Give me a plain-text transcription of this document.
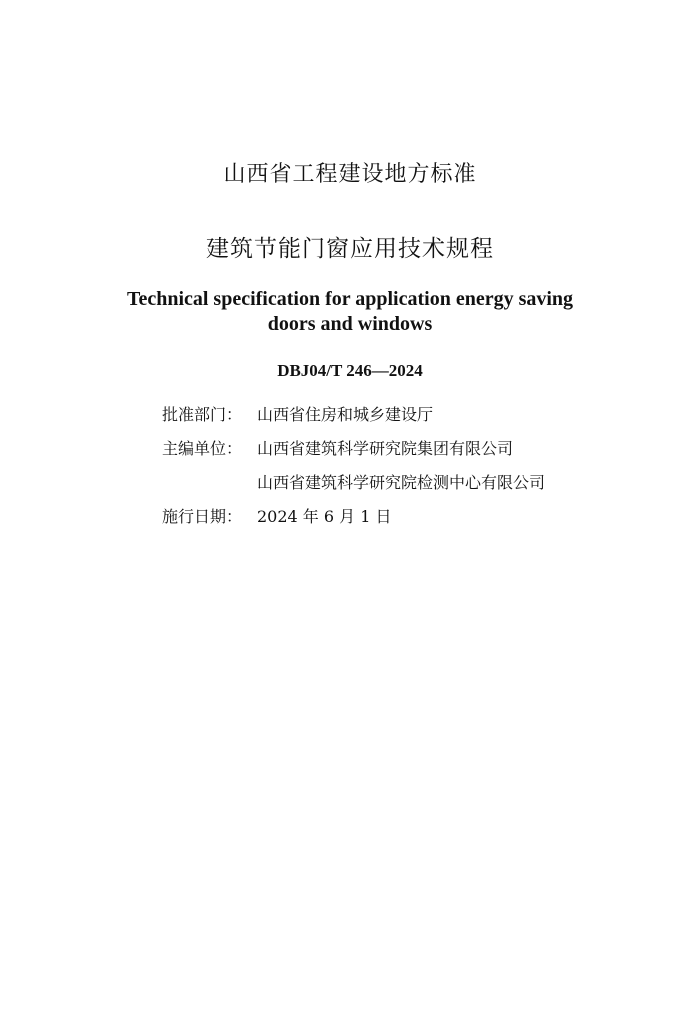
山西省工程建设地方标准
建筑节能门窗应用技术规程
Technical specification for application energy saving
doors and windows
DBJ04/T 246—2024
批准部门： 山西省住房和城乡建设厅
主编单位： 山西省建筑科学研究院集团有限公司
山西省建筑科学研究院检测中心有限公司
施行日期： 2024 年 6 月 1 日
